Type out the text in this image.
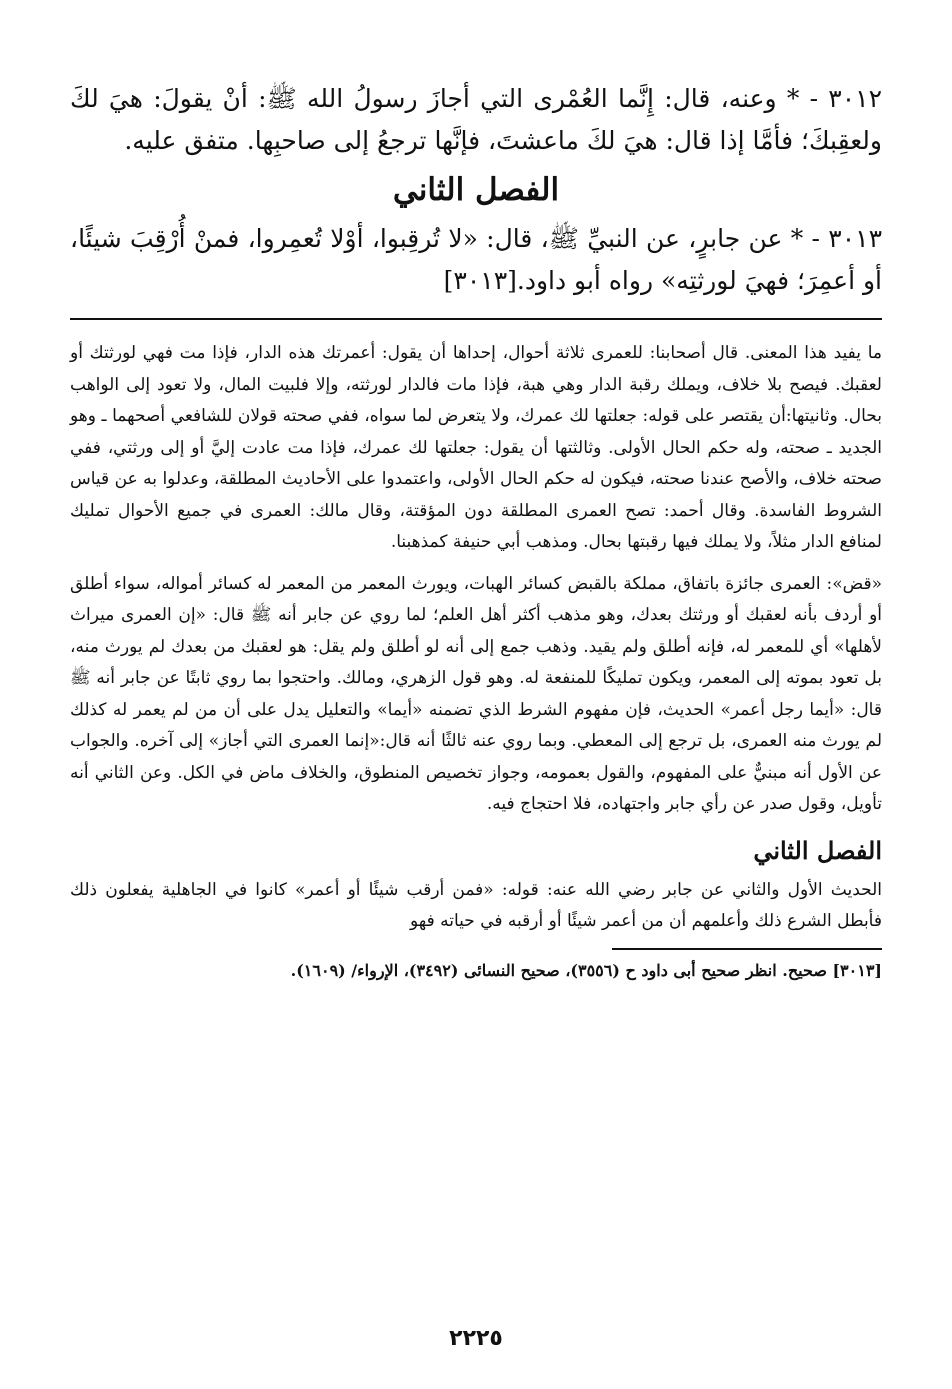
٣٠١٢ - * وعنه، قال: إِنَّما العُمْرى التي أجازَ رسولُ الله ﷺ: أنْ يقولَ: هيَ لكَ ولعقِبكَ؛ فأمَّا إذا قال: هيَ لكَ ماعشتَ، فإنَّها ترجعُ إلى صاحبِها. متفق عليه.

الفصل الثاني

٣٠١٣ - * عن جابرٍ، عن النبيِّ ﷺ، قال: «لا تُرقِبوا، أوْلا تُعمِروا، فمنْ أُرْقِبَ شيئًا، أو أعمِرَ؛ فهيَ لورثتِه» رواه أبو داود.[٣٠١٣]

ما يفيد هذا المعنى. قال أصحابنا: للعمرى ثلاثة أحوال، إحداها أن يقول: أعمرتك هذه الدار، فإذا مت فهي لورثتك أو لعقبك. فيصح بلا خلاف، ويملك رقبة الدار وهي هبة، فإذا مات فالدار لورثته، وإلا فلبيت المال، ولا تعود إلى الواهب بحال. وثانيتها:أن يقتصر على قوله: جعلتها لك عمرك، ولا يتعرض لما سواه، ففي صحته قولان للشافعي أصحهما ـ وهو الجديد ـ صحته، وله حكم الحال الأولى. وثالثتها أن يقول: جعلتها لك عمرك، فإذا مت عادت إليَّ أو إلى ورثتي، ففي صحته خلاف، والأصح عندنا صحته، فيكون له حكم الحال الأولى، واعتمدوا على الأحاديث المطلقة، وعدلوا به عن قياس الشروط الفاسدة. وقال أحمد: تصح العمرى المطلقة دون المؤقتة، وقال مالك: العمرى في جميع الأحوال تمليك لمنافع الدار مثلاً، ولا يملك فيها رقبتها بحال. ومذهب أبي حنيفة كمذهبنا.

«قض»: العمرى جائزة باتفاق، مملكة بالقبض كسائر الهبات، ويورث المعمر من المعمر له كسائر أمواله، سواء أطلق أو أردف بأنه لعقبك أو ورثتك بعدك، وهو مذهب أكثر أهل العلم؛ لما روي عن جابر أنه ﷺ قال: «إن العمرى ميراث لأهلها» أي للمعمر له، فإنه أطلق ولم يقيد. وذهب جمع إلى أنه لو أطلق ولم يقل: هو لعقبك من بعدك لم يورث منه، بل تعود بموته إلى المعمر، ويكون تمليكًا للمنفعة له. وهو قول الزهري، ومالك. واحتجوا بما روي ثابتًا عن جابر أنه ﷺ قال: «أيما رجل أعمر» الحديث، فإن مفهوم الشرط الذي تضمنه «أيما» والتعليل يدل على أن من لم يعمر له كذلك لم يورث منه العمرى، بل ترجع إلى المعطي. وبما روي عنه ثالثًا أنه قال:«إنما العمرى التي أجاز» إلى آخره. والجواب عن الأول أنه مبنيٌّ على المفهوم، والقول بعمومه، وجواز تخصيص المنطوق، والخلاف ماض في الكل. وعن الثاني أنه تأويل، وقول صدر عن رأي جابر واجتهاده، فلا احتجاج فيه.

الفصل الثاني

الحديث الأول والثاني عن جابر رضي الله عنه: قوله: «فمن أرقب شيئًا أو أعمر» كانوا في الجاهلية يفعلون ذلك فأبطل الشرع ذلك وأعلمهم أن من أعمر شيئًا أو أرقبه في حياته فهو

[٣٠١٣] صحيح. انظر صحيح أبى داود ح (٣٥٥٦)، صحيح النسائى (٣٤٩٢)، الإرواء/ (١٦٠٩).

٢٢٢٥
